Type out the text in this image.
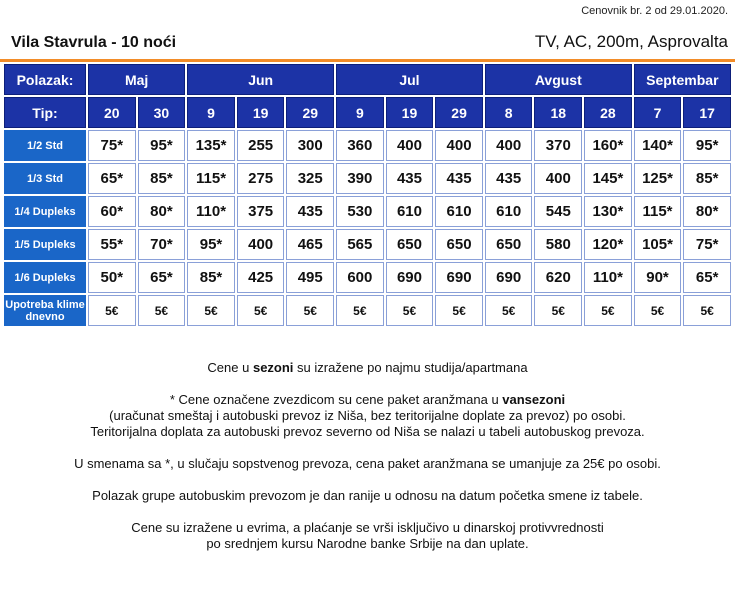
Cenovnik br. 2 od 29.01.2020.
Vila Stavrula - 10 noći	TV, AC, 200m, Asprovalta
Polazak:	Maj		Jun			Jul			Avgust			Septembar	
Tip:	20	30	9	19	29	9	19	29	8	18	28	7	17
1/2 Std	75*	95*	135*	255	300	360	400	400	400	370	160*	140*	95*
1/3 Std	65*	85*	115*	275	325	390	435	435	435	400	145*	125*	85*
1/4 Dupleks	60*	80*	110*	375	435	530	610	610	610	545	130*	115*	80*
1/5 Dupleks	55*	70*	95*	400	465	565	650	650	650	580	120*	105*	75*
1/6 Dupleks	50*	65*	85*	425	495	600	690	690	690	620	110*	90*	65*
Upotreba klime dnevno	5€	5€	5€	5€	5€	5€	5€	5€	5€	5€	5€	5€	5€

Cene u sezoni su izražene po najmu studija/apartmana

* Cene označene zvezdicom su cene paket aranžmana u vansezoni
(uračunat smeštaj i autobuski prevoz iz Niša, bez teritorijalne doplate za prevoz) po osobi.
Teritorijalna doplata za autobuski prevoz severno od Niša se nalazi u tabeli autobuskog prevoza.

U smenama sa *, u slučaju sopstvenog prevoza, cena paket aranžmana se umanjuje za 25€ po osobi.

Polazak grupe autobuskim prevozom je dan ranije u odnosu na datum početka smene iz tabele.

Cene su izražene u evrima, a plaćanje se vrši isključivo u dinarskoj protivvrednosti
po srednjem kursu Narodne banke Srbije na dan uplate.
